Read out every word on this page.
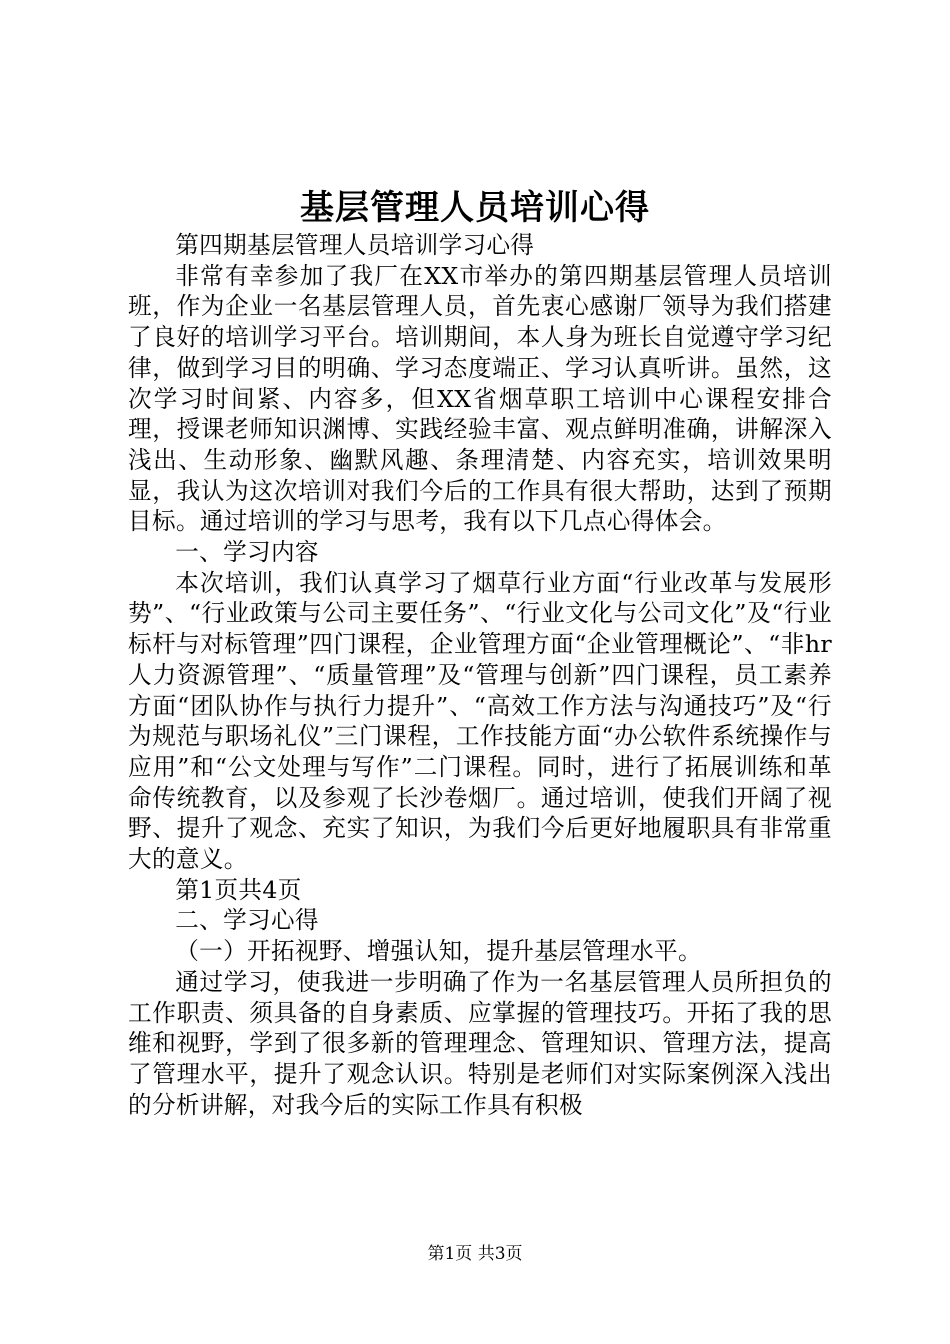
基层管理人员培训心得

第四期基层管理人员培训学习心得

非常有幸参加了我厂在XX市举办的第四期基层管理人员培训班，作为企业一名基层管理人员，首先衷心感谢厂领导为我们搭建了良好的培训学习平台。培训期间，本人身为班长自觉遵守学习纪律，做到学习目的明确、学习态度端正、学习认真听讲。虽然，这次学习时间紧、内容多，但XX省烟草职工培训中心课程安排合理，授课老师知识渊博、实践经验丰富、观点鲜明准确，讲解深入浅出、生动形象、幽默风趣、条理清楚、内容充实，培训效果明显，我认为这次培训对我们今后的工作具有很大帮助，达到了预期目标。通过培训的学习与思考，我有以下几点心得体会。

一、学习内容

本次培训，我们认真学习了烟草行业方面“行业改革与发展形势”、“行业政策与公司主要任务”、“行业文化与公司文化”及“行业标杆与对标管理”四门课程，企业管理方面“企业管理概论”、“非hr人力资源管理”、“质量管理”及“管理与创新”四门课程，员工素养方面“团队协作与执行力提升”、“高效工作方法与沟通技巧”及“行为规范与职场礼仪”三门课程，工作技能方面“办公软件系统操作与应用”和“公文处理与写作”二门课程。同时，进行了拓展训练和革命传统教育，以及参观了长沙卷烟厂。通过培训，使我们开阔了视野、提升了观念、充实了知识，为我们今后更好地履职具有非常重大的意义。

第1页共4页

二、学习心得

（一）开拓视野、增强认知，提升基层管理水平。

通过学习，使我进一步明确了作为一名基层管理人员所担负的工作职责、须具备的自身素质、应掌握的管理技巧。开拓了我的思维和视野，学到了很多新的管理理念、管理知识、管理方法，提高了管理水平，提升了观念认识。特别是老师们对实际案例深入浅出的分析讲解，对我今后的实际工作具有积极

第1页 共3页
